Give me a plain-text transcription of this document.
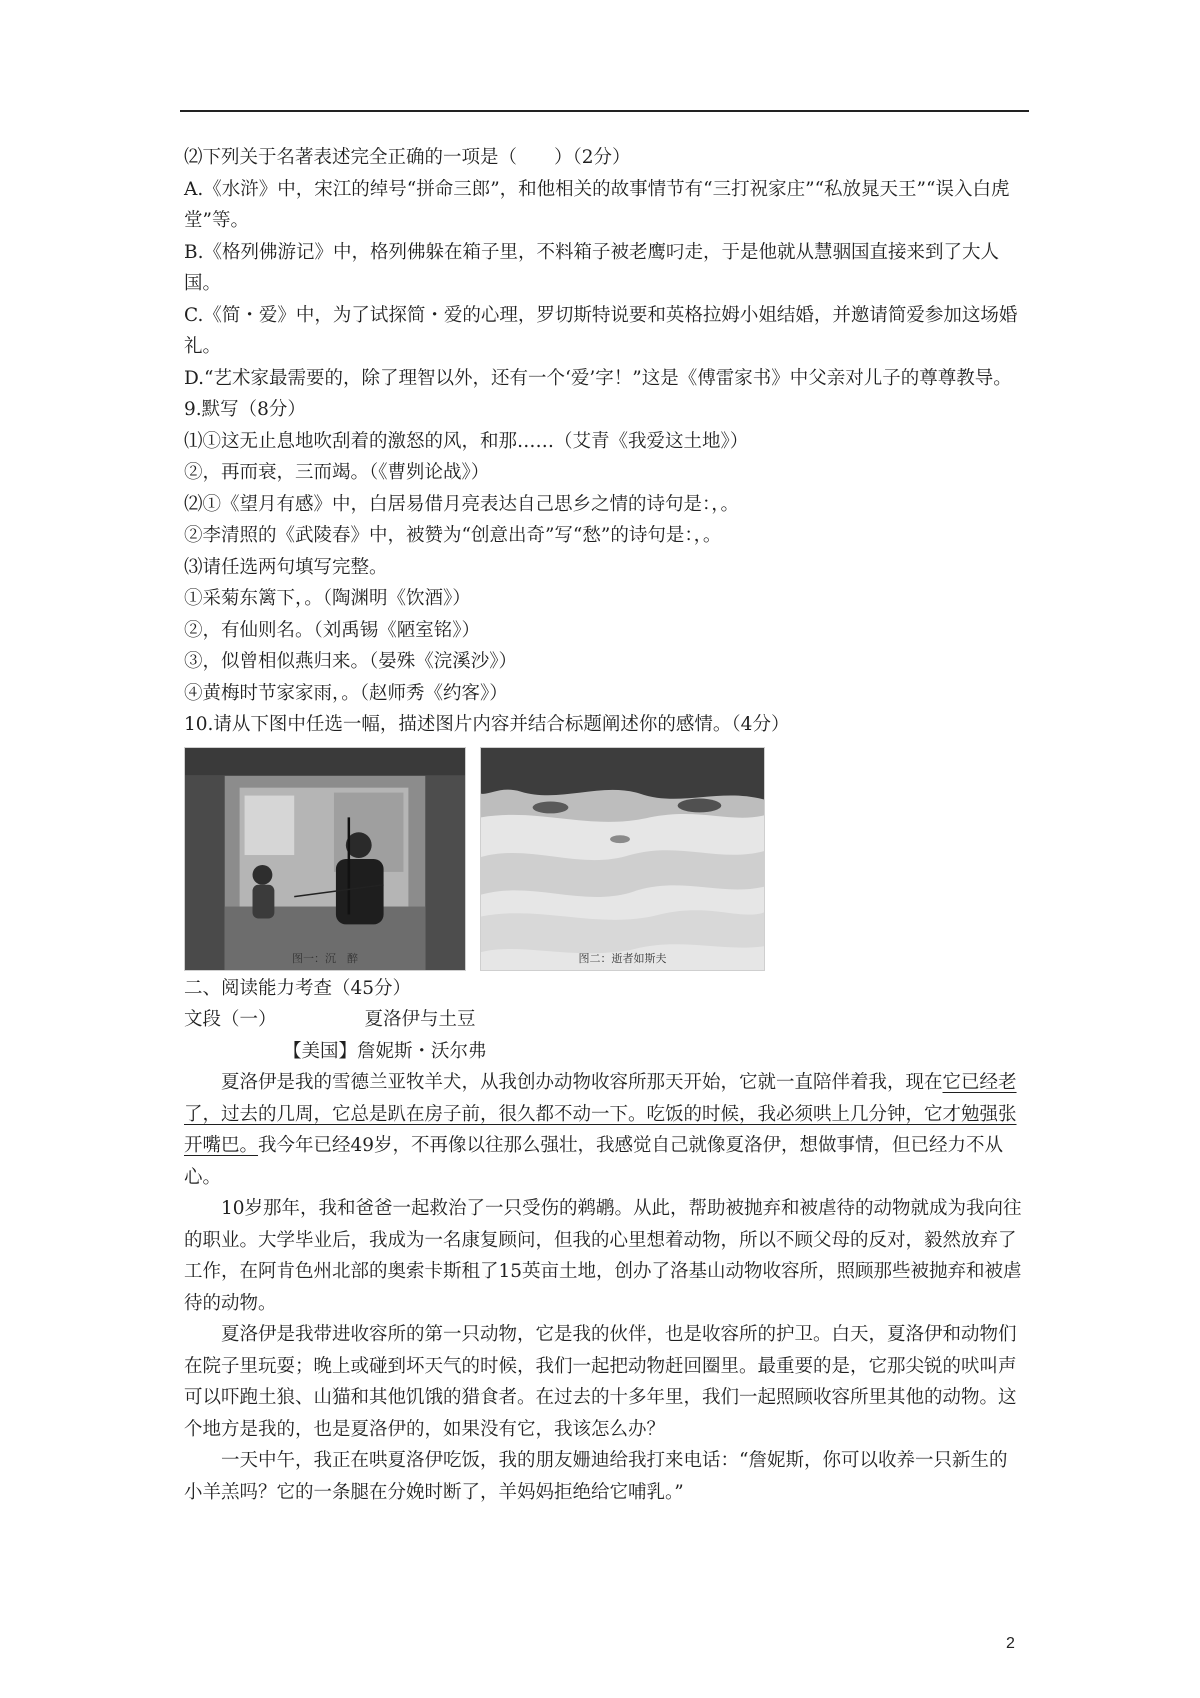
⑵下列关于名著表述完全正确的一项是（　　）（2分）

A.《水浒》中，宋江的绰号“拼命三郎”，和他相关的故事情节有“三打祝家庄”“私放晁天王”“误入白虎堂”等。

B.《格列佛游记》中，格列佛躲在箱子里，不料箱子被老鹰叼走，于是他就从慧骃国直接来到了大人国。

C.《简・爱》中，为了试探简・爱的心理，罗切斯特说要和英格拉姆小姐结婚，并邀请简爱参加这场婚礼。

D.“艺术家最需要的，除了理智以外，还有一个‘爱’字！”这是《傅雷家书》中父亲对儿子的尊尊教导。

9.默写（8分）

⑴①这无止息地吹刮着的激怒的风，和那……（艾青《我爱这土地》）

②，再而衰，三而竭。（《曹刿论战》）

⑵①《望月有感》中，白居易借月亮表达自己思乡之情的诗句是：，。

②李清照的《武陵春》中，被赞为“创意出奇”写“愁”的诗句是：，。

⑶请任选两句填写完整。

①采菊东篱下，。（陶渊明《饮酒》）

②，有仙则名。（刘禹锡《陋室铭》）

③，似曾相似燕归来。（晏殊《浣溪沙》）

④黄梅时节家家雨，。（赵师秀《约客》）

10.请从下图中任选一幅，描述图片内容并结合标题阐述你的感情。（4分）

图一：沉　醉	图二：逝者如斯夫

二、阅读能力考查（45分）

文段（一）	夏洛伊与土豆

【美国】詹妮斯・沃尔弗

夏洛伊是我的雪德兰亚牧羊犬，从我创办动物收容所那天开始，它就一直陪伴着我，现在它已经老了，过去的几周，它总是趴在房子前，很久都不动一下。吃饭的时候，我必须哄上几分钟，它才勉强张开嘴巴。我今年已经49岁，不再像以往那么强壮，我感觉自己就像夏洛伊，想做事情，但已经力不从心。

10岁那年，我和爸爸一起救治了一只受伤的鹈鹕。从此，帮助被抛弃和被虐待的动物就成为我向往的职业。大学毕业后，我成为一名康复顾问，但我的心里想着动物，所以不顾父母的反对，毅然放弃了工作，在阿肯色州北部的奥索卡斯租了15英亩土地，创办了洛基山动物收容所，照顾那些被抛弃和被虐待的动物。

夏洛伊是我带进收容所的第一只动物，它是我的伙伴，也是收容所的护卫。白天，夏洛伊和动物们在院子里玩耍；晚上或碰到坏天气的时候，我们一起把动物赶回圈里。最重要的是，它那尖锐的吠叫声可以吓跑土狼、山猫和其他饥饿的猎食者。在过去的十多年里，我们一起照顾收容所里其他的动物。这个地方是我的，也是夏洛伊的，如果没有它，我该怎么办？

一天中午，我正在哄夏洛伊吃饭，我的朋友姗迪给我打来电话：“詹妮斯，你可以收养一只新生的小羊羔吗？它的一条腿在分娩时断了，羊妈妈拒绝给它哺乳。”

2
